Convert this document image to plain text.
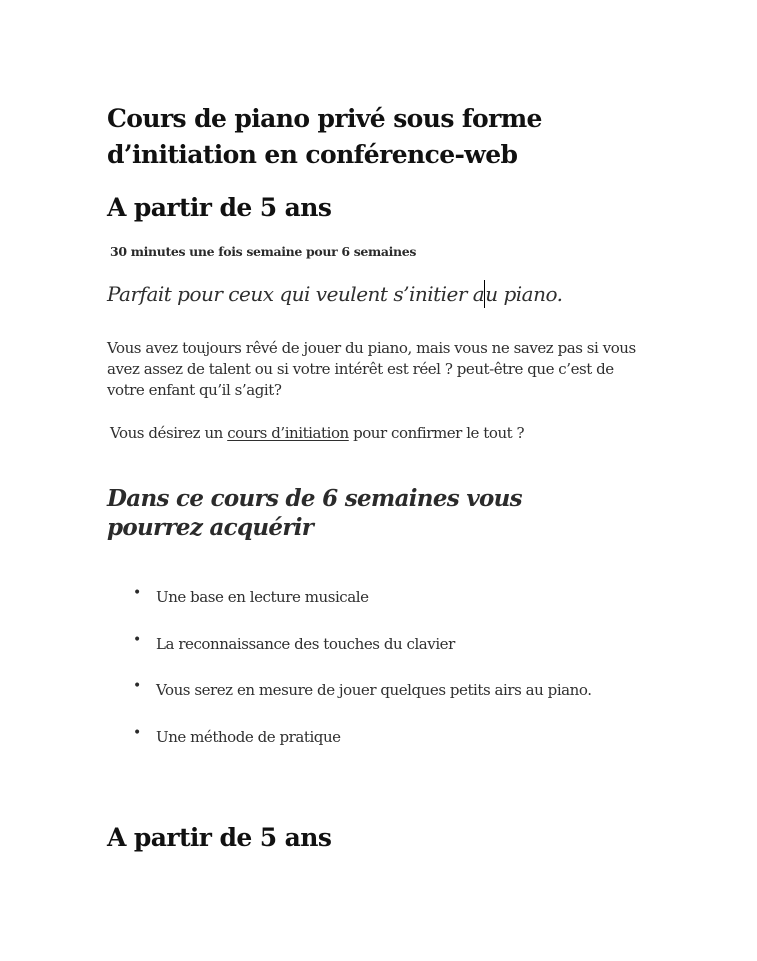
Cours de piano privé sous forme d’initiation en conférence-web
A partir de 5 ans

30 minutes une fois semaine pour 6 semaines

Parfait pour ceux qui veulent s’initier au piano.

Vous avez toujours rêvé de jouer du piano, mais vous ne savez pas si vous avez assez de talent ou si votre intérêt est réel ? peut-être que c’est de votre enfant qu’il s’agit?

Vous désirez un cours d’initiation pour confirmer le tout ?

Dans ce cours de 6 semaines vous pourrez acquérir
• Une base en lecture musicale
• La reconnaissance des touches du clavier
• Vous serez en mesure de jouer quelques petits airs au piano.
• Une méthode de pratique
A partir de 5 ans
